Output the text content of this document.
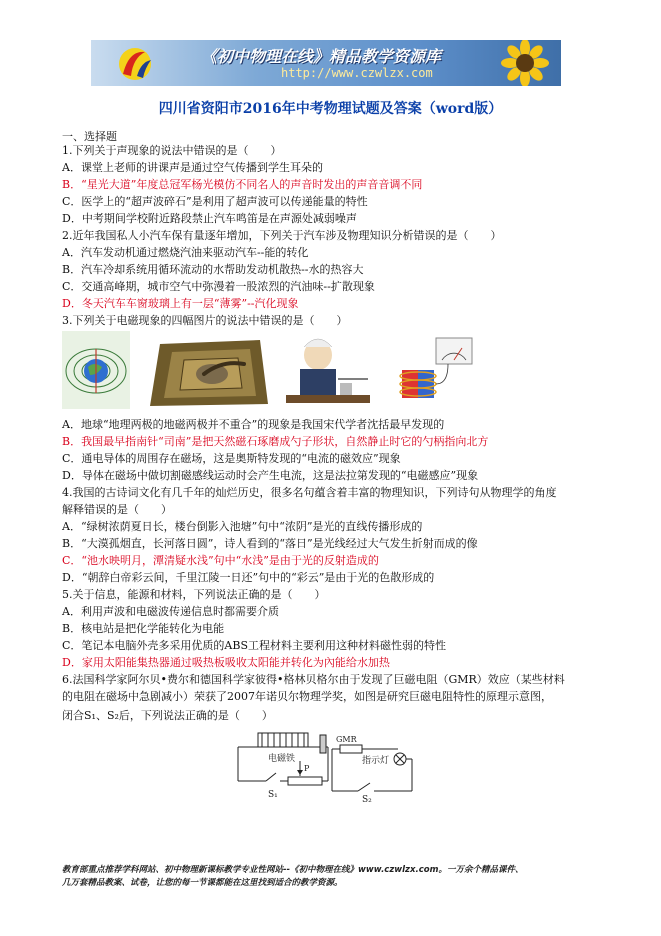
《初中物理在线》精品教学资源库
http://www.czwlzx.com
四川省资阳市2016年中考物理试题及答案（word版）
一、选择题
1.下列关于声现象的说法中错误的是（　　）
A．课堂上老师的讲课声是通过空气传播到学生耳朵的
B．“星光大道”年度总冠军杨光模仿不同名人的声音时发出的声音音调不同
C．医学上的“超声波碎石”是利用了超声波可以传递能量的特性
D．中考期间学校附近路段禁止汽车鸣笛是在声源处减弱噪声
2.近年我国私人小汽车保有量逐年增加，下列关于汽车涉及物理知识分析错误的是（　　）
A．汽车发动机通过燃烧汽油来驱动汽车--能的转化
B．汽车冷却系统用循环流动的水帮助发动机散热--水的热容大
C．交通高峰期，城市空气中弥漫着一股浓烈的汽油味--扩散现象
D．冬天汽车车窗玻璃上有一层“薄雾”--汽化现象
3.下列关于电磁现象的四幅图片的说法中错误的是（　　）
A．地球“地理两极的地磁两极并不重合”的现象是我国宋代学者沈括最早发现的
B．我国最早指南针“司南”是把天然磁石琢磨成勺子形状，自然静止时它的勺柄指向北方
C．通电导体的周围存在磁场，这是奥斯特发现的“电流的磁效应”现象
D．导体在磁场中做切割磁感线运动时会产生电流，这是法拉第发现的“电磁感应”现象
4.我国的古诗词文化有几千年的灿烂历史，很多名句蕴含着丰富的物理知识，下列诗句从物理学的角度
解释错误的是（　　）
A．“绿树浓荫夏日长，楼台倒影入池塘”句中“浓阴”是光的直线传播形成的
B．“大漠孤烟直，长河落日圆”，诗人看到的“落日”是光线经过大气发生折射而成的像
C．“池水映明月，潭清疑水浅”句中“水浅”是由于光的反射造成的
D．“朝辞白帝彩云间，千里江陵一日还”句中的“彩云”是由于光的色散形成的
5.关于信息，能源和材料，下列说法正确的是（　　）
A．利用声波和电磁波传递信息时都需要介质
B．核电站是把化学能转化为电能
C．笔记本电脑外壳多采用优质的ABS工程材料主要利用这种材料磁性弱的特性
D．家用太阳能集热器通过吸热板吸收太阳能并转化为內能给水加热
6.法国科学家阿尔贝•费尔和德国科学家彼得•格林贝格尔由于发现了巨磁电阻（GMR）效应（某些材料
的电阻在磁场中急剧减小）荣获了2007年诺贝尔物理学奖，如图是研究巨磁电阻特性的原理示意图，
闭合S₁、S₂后，下列说法正确的是（　　）
电磁铁
P
GMR
指示灯
S₁	S₂
教育部重点推荐学科网站、初中物理新课标教学专业性网站--《初中物理在线》www.czwlzx.com。一万余个精品课件、
几万套精品教案、试卷，让您的每一节课都能在这里找到适合的教学资源。
